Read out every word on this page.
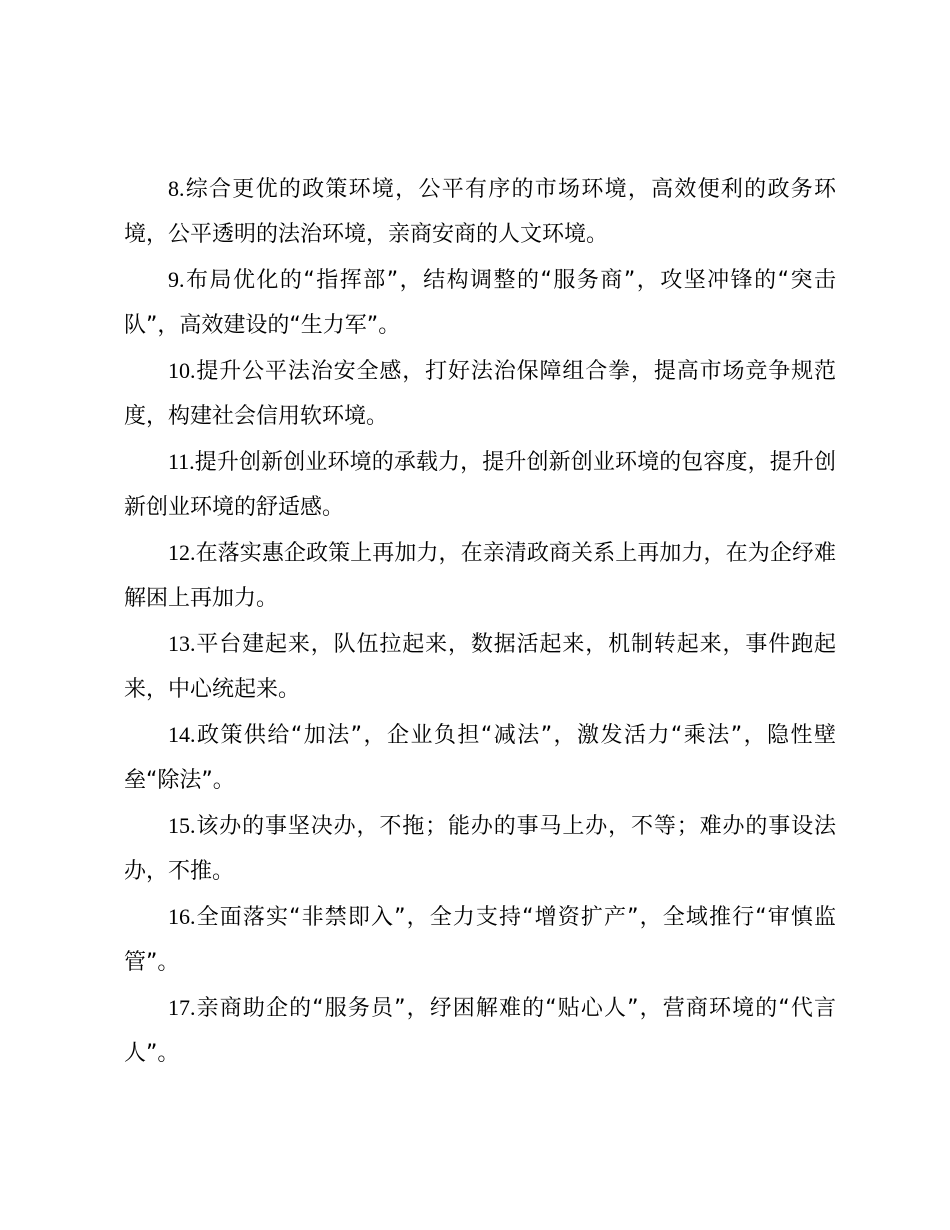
8.综合更优的政策环境，公平有序的市场环境，高效便利的政务环境，公平透明的法治环境，亲商安商的人文环境。

9.布局优化的“指挥部”，结构调整的“服务商”，攻坚冲锋的“突击队”，高效建设的“生力军”。

10.提升公平法治安全感，打好法治保障组合拳，提高市场竞争规范度，构建社会信用软环境。

11.提升创新创业环境的承载力，提升创新创业环境的包容度，提升创新创业环境的舒适感。

12.在落实惠企政策上再加力，在亲清政商关系上再加力，在为企纾难解困上再加力。

13.平台建起来，队伍拉起来，数据活起来，机制转起来，事件跑起来，中心统起来。

14.政策供给“加法”，企业负担“减法”，激发活力“乘法”，隐性壁垒“除法”。

15.该办的事坚决办，不拖；能办的事马上办，不等；难办的事设法办，不推。

16.全面落实“非禁即入”，全力支持“增资扩产”，全域推行“审慎监管”。

17.亲商助企的“服务员”，纾困解难的“贴心人”，营商环境的“代言人”。
